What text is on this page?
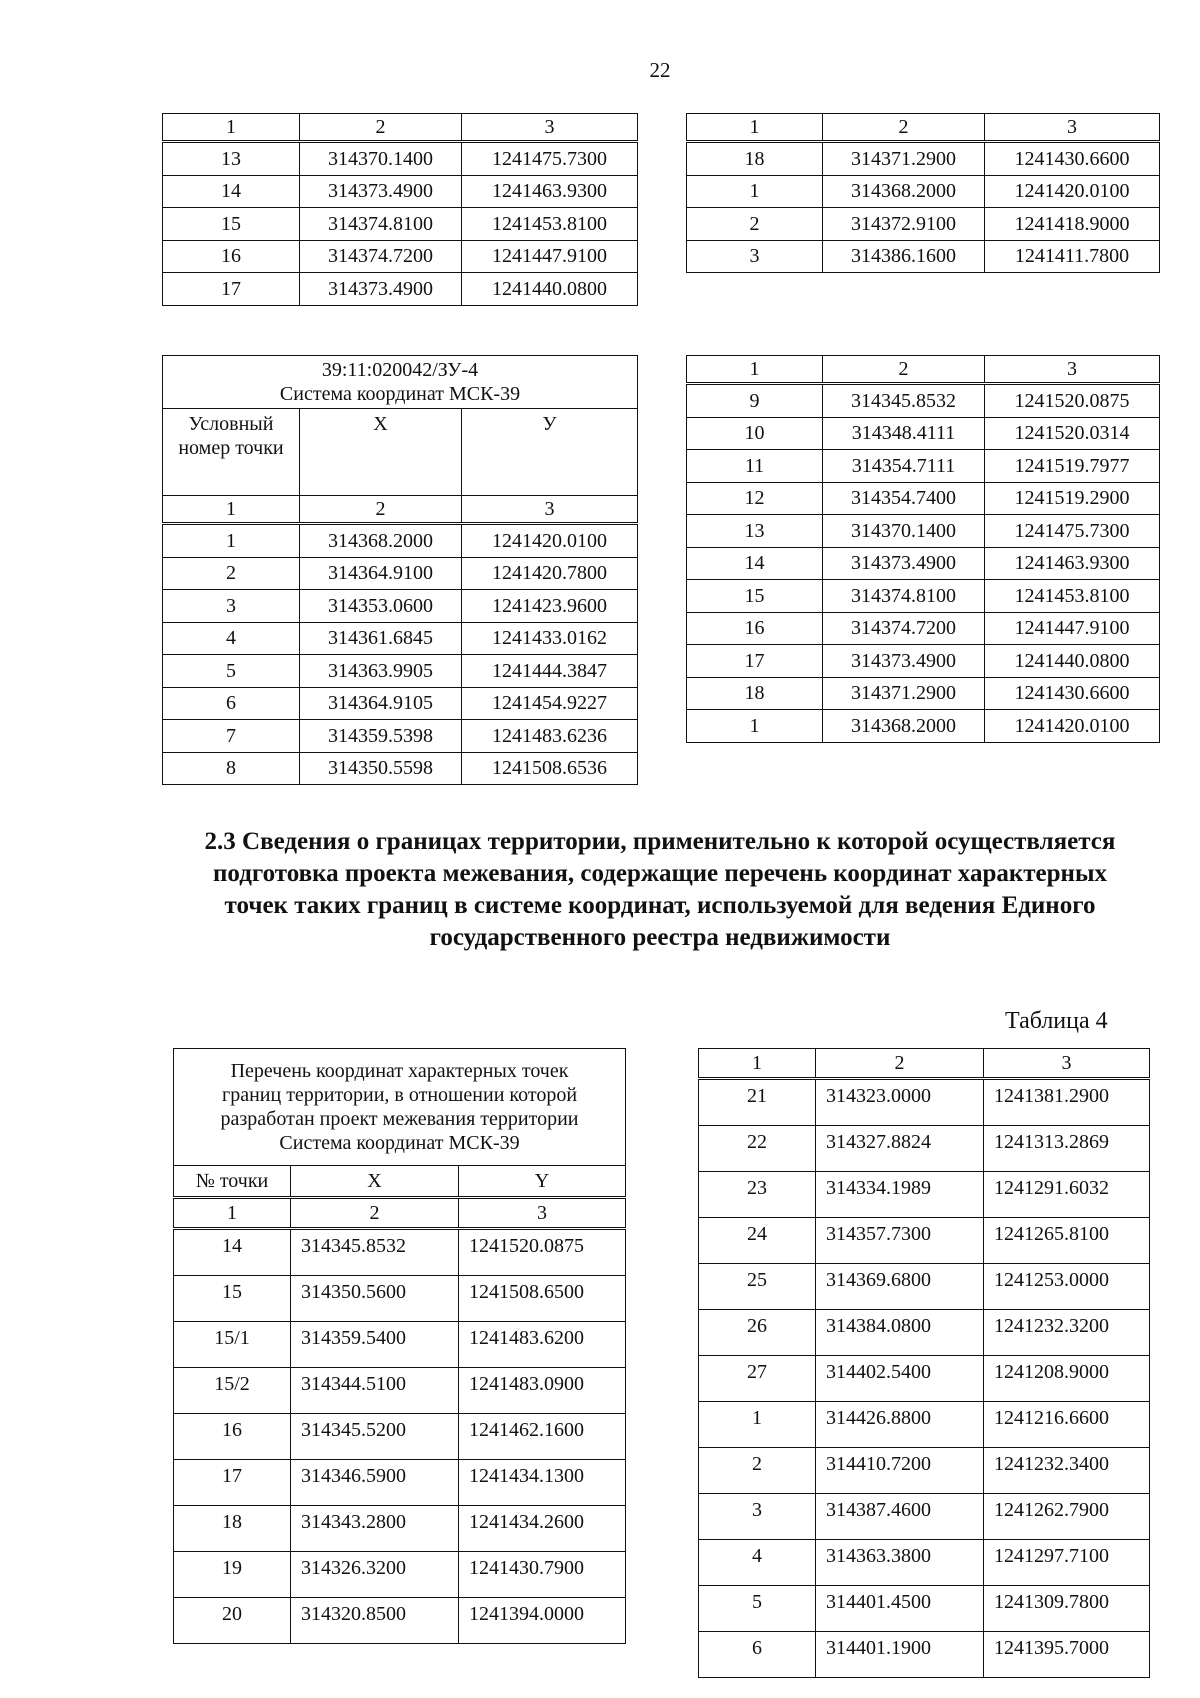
22
1	2	3
13	314370.1400	1241475.7300
14	314373.4900	1241463.9300
15	314374.8100	1241453.8100
16	314374.7200	1241447.9100
17	314373.4900	1241440.0800
1	2	3
18	314371.2900	1241430.6600
1	314368.2000	1241420.0100
2	314372.9100	1241418.9000
3	314386.1600	1241411.7800
39:11:020042/ЗУ-4
Система координат МСК-39		
Условный номер точки	X	У
1	2	3
1	314368.2000	1241420.0100
2	314364.9100	1241420.7800
3	314353.0600	1241423.9600
4	314361.6845	1241433.0162
5	314363.9905	1241444.3847
6	314364.9105	1241454.9227
7	314359.5398	1241483.6236
8	314350.5598	1241508.6536
1	2	3
9	314345.8532	1241520.0875
10	314348.4111	1241520.0314
11	314354.7111	1241519.7977
12	314354.7400	1241519.2900
13	314370.1400	1241475.7300
14	314373.4900	1241463.9300
15	314374.8100	1241453.8100
16	314374.7200	1241447.9100
17	314373.4900	1241440.0800
18	314371.2900	1241430.6600
1	314368.2000	1241420.0100
2.3 Сведения о границах территории, применительно к которой осуществляется подготовка проекта межевания, содержащие перечень координат характерных точек таких границ в системе координат, используемой для ведения Единого государственного реестра недвижимости
Таблица 4
Перечень координат характерных точек
границ территории, в отношении которой
разработан проект межевания территории
Система координат МСК-39		
№ точки	X	Y
1	2	3
14	314345.8532	1241520.0875
15	314350.5600	1241508.6500
15/1	314359.5400	1241483.6200
15/2	314344.5100	1241483.0900
16	314345.5200	1241462.1600
17	314346.5900	1241434.1300
18	314343.2800	1241434.2600
19	314326.3200	1241430.7900
20	314320.8500	1241394.0000
1	2	3
21	314323.0000	1241381.2900
22	314327.8824	1241313.2869
23	314334.1989	1241291.6032
24	314357.7300	1241265.8100
25	314369.6800	1241253.0000
26	314384.0800	1241232.3200
27	314402.5400	1241208.9000
1	314426.8800	1241216.6600
2	314410.7200	1241232.3400
3	314387.4600	1241262.7900
4	314363.3800	1241297.7100
5	314401.4500	1241309.7800
6	314401.1900	1241395.7000
